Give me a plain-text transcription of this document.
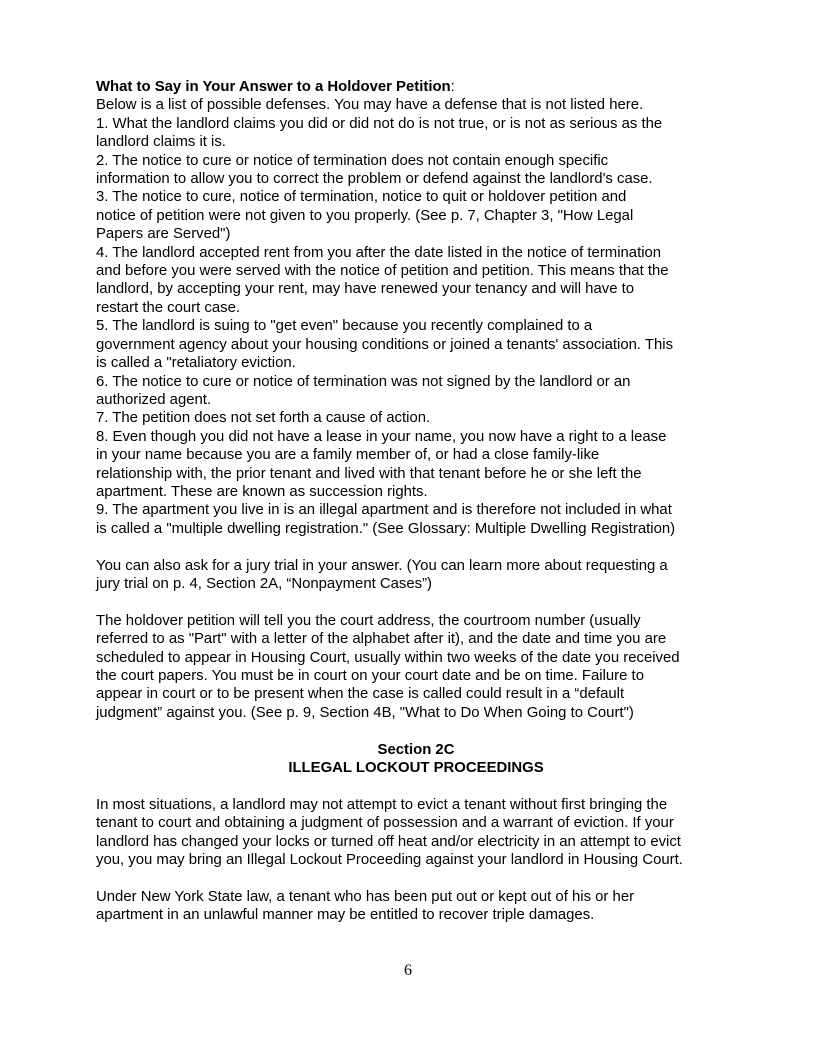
What to Say in Your Answer to a Holdover Petition:
Below is a list of possible defenses. You may have a defense that is not listed here.
1. What the landlord claims you did or did not do is not true, or is not as serious as the
landlord claims it is.
2. The notice to cure or notice of termination does not contain enough specific
information to allow you to correct the problem or defend against the landlord's case.
3. The notice to cure, notice of termination, notice to quit or holdover petition and
notice of petition were not given to you properly. (See p. 7, Chapter 3, "How Legal
Papers are Served")
4. The landlord accepted rent from you after the date listed in the notice of termination
and before you were served with the notice of petition and petition. This means that the
landlord, by accepting your rent, may have renewed your tenancy and will have to
restart the court case.
5. The landlord is suing to "get even" because you recently complained to a
government agency about your housing conditions or joined a tenants' association. This
is called a "retaliatory eviction.
6. The notice to cure or notice of termination was not signed by the landlord or an
authorized agent.
7. The petition does not set forth a cause of action.
8. Even though you did not have a lease in your name, you now have a right to a lease
in your name because you are a family member of, or had a close family-like
relationship with, the prior tenant and lived with that tenant before he or she left the
apartment. These are known as succession rights.
9. The apartment you live in is an illegal apartment and is therefore not included in what
is called a "multiple dwelling registration." (See Glossary: Multiple Dwelling Registration)
You can also ask for a jury trial in your answer. (You can learn more about requesting a
jury trial on p. 4, Section 2A, “Nonpayment Cases”)
The holdover petition will tell you the court address, the courtroom number (usually
referred to as "Part" with a letter of the alphabet after it), and the date and time you are
scheduled to appear in Housing Court, usually within two weeks of the date you received
the court papers. You must be in court on your court date and be on time. Failure to
appear in court or to be present when the case is called could result in a “default
judgment” against you. (See p. 9, Section 4B, "What to Do When Going to Court")
Section 2C
ILLEGAL LOCKOUT PROCEEDINGS
In most situations, a landlord may not attempt to evict a tenant without first bringing the
tenant to court and obtaining a judgment of possession and a warrant of eviction. If your
landlord has changed your locks or turned off heat and/or electricity in an attempt to evict
you, you may bring an Illegal Lockout Proceeding against your landlord in Housing Court.
Under New York State law, a tenant who has been put out or kept out of his or her
apartment in an unlawful manner may be entitled to recover triple damages.
6
